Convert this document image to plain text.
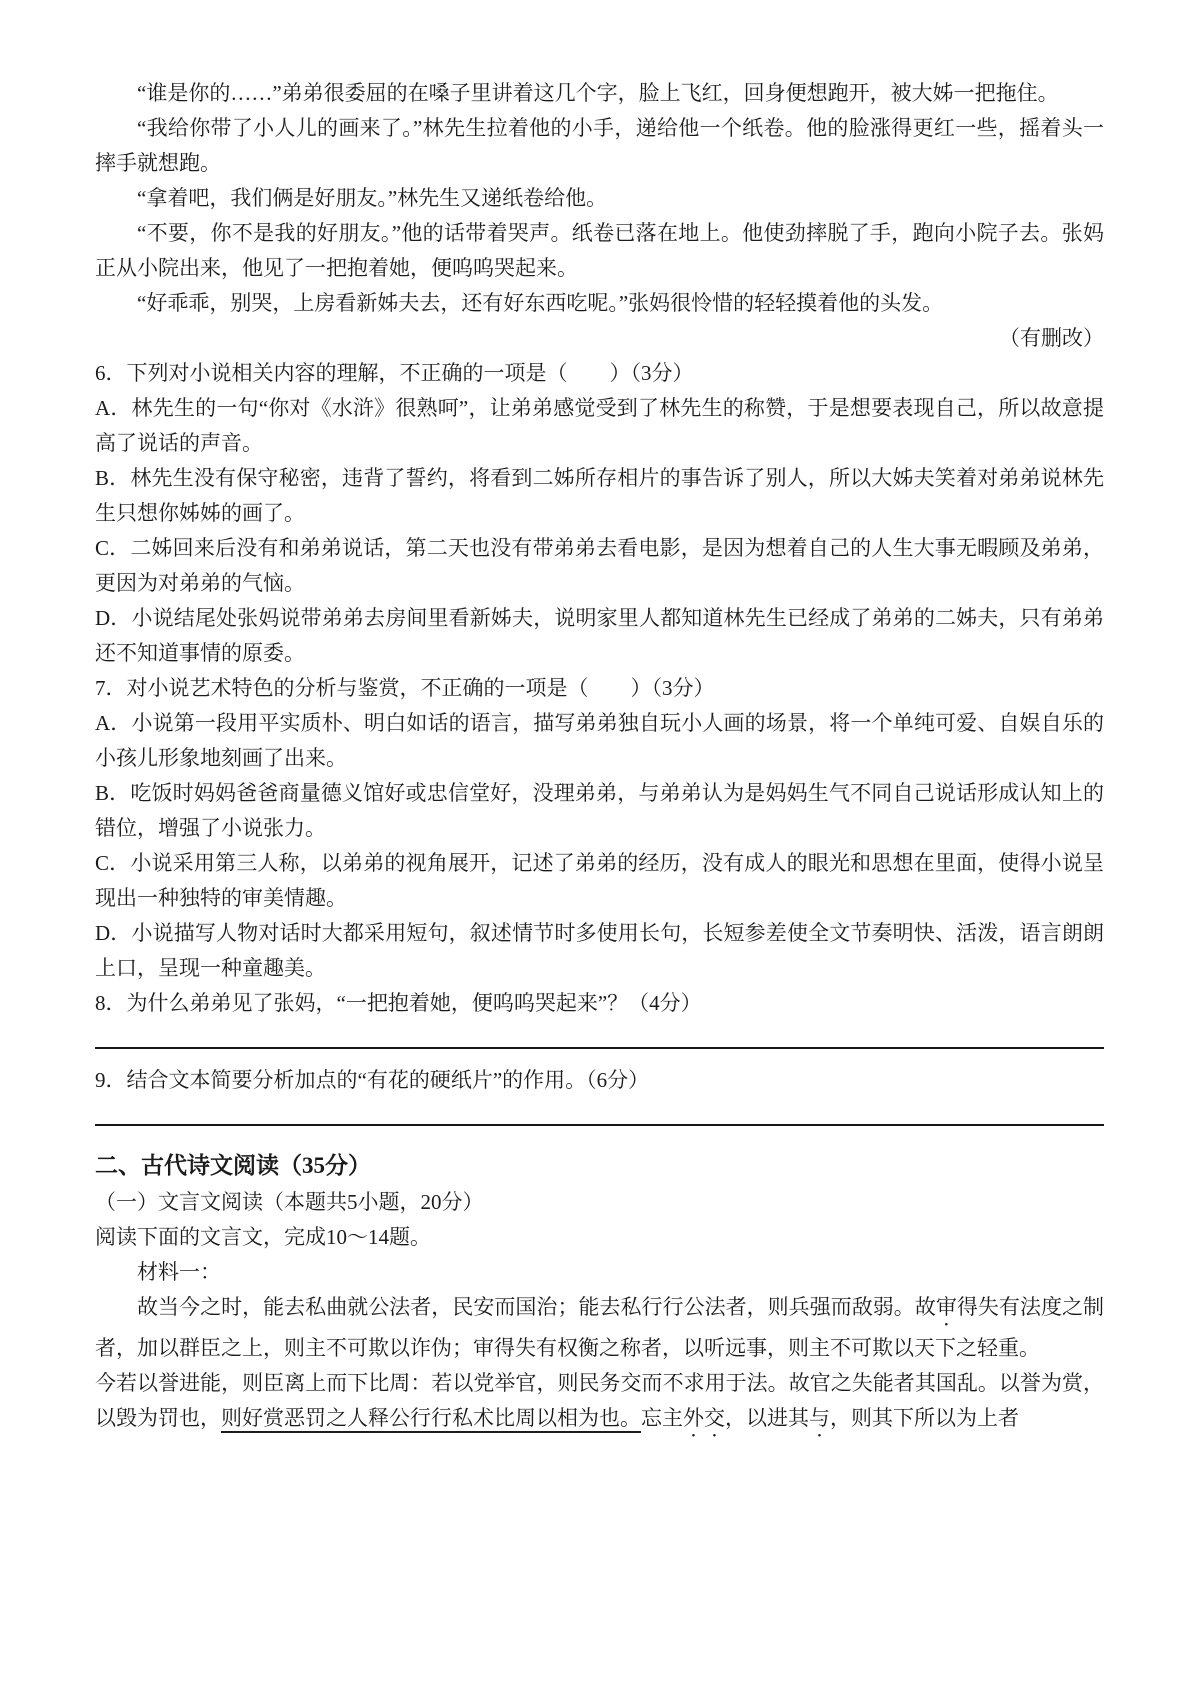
“谁是你的……”弟弟很委屈的在嗓子里讲着这几个字，脸上飞红，回身便想跑开，被大姊一把拖住。

“我给你带了小人儿的画来了。”林先生拉着他的小手，递给他一个纸卷。他的脸涨得更红一些，摇着头一摔手就想跑。

“拿着吧，我们俩是好朋友。”林先生又递纸卷给他。

“不要，你不是我的好朋友。”他的话带着哭声。纸卷已落在地上。他使劲摔脱了手，跑向小院子去。张妈正从小院出来，他见了一把抱着她，便呜呜哭起来。

“好乖乖，别哭，上房看新姊夫去，还有好东西吃呢。”张妈很怜惜的轻轻摸着他的头发。

（有删改）

6．下列对小说相关内容的理解，不正确的一项是（　　）（3分）

A．林先生的一句“你对《水浒》很熟呵”，让弟弟感觉受到了林先生的称赞，于是想要表现自己，所以故意提高了说话的声音。

B．林先生没有保守秘密，违背了誓约，将看到二姊所存相片的事告诉了别人，所以大姊夫笑着对弟弟说林先生只想你姊姊的画了。

C．二姊回来后没有和弟弟说话，第二天也没有带弟弟去看电影，是因为想着自己的人生大事无暇顾及弟弟，更因为对弟弟的气恼。

D．小说结尾处张妈说带弟弟去房间里看新姊夫，说明家里人都知道林先生已经成了弟弟的二姊夫，只有弟弟还不知道事情的原委。

7．对小说艺术特色的分析与鉴赏，不正确的一项是（　　）（3分）

A．小说第一段用平实质朴、明白如话的语言，描写弟弟独自玩小人画的场景，将一个单纯可爱、自娱自乐的小孩儿形象地刻画了出来。

B．吃饭时妈妈爸爸商量德义馆好或忠信堂好，没理弟弟，与弟弟认为是妈妈生气不同自己说话形成认知上的错位，增强了小说张力。

C．小说采用第三人称，以弟弟的视角展开，记述了弟弟的经历，没有成人的眼光和思想在里面，使得小说呈现出一种独特的审美情趣。

D．小说描写人物对话时大都采用短句，叙述情节时多使用长句，长短参差使全文节奏明快、活泼，语言朗朗上口，呈现一种童趣美。

8．为什么弟弟见了张妈，“一把抱着她，便呜呜哭起来”？（4分）

9．结合文本简要分析加点的“有花的硬纸片”的作用。（6分）

二、古代诗文阅读（35分）

（一）文言文阅读（本题共5小题，20分）

阅读下面的文言文，完成10～14题。

材料一：

故当今之时，能去私曲就公法者，民安而国治；能去私行行公法者，则兵强而敌弱。故审得失有法度之制者，加以群臣之上，则主不可欺以诈伪；审得失有权衡之称者，以听远事，则主不可欺以天下之轻重。

今若以誉进能，则臣离上而下比周：若以党举官，则民务交而不求用于法。故官之失能者其国乱。以誉为赏，以毁为罚也，则好赏恶罚之人释公行行私术比周以相为也。忘主外交，以进其与，则其下所以为上者
